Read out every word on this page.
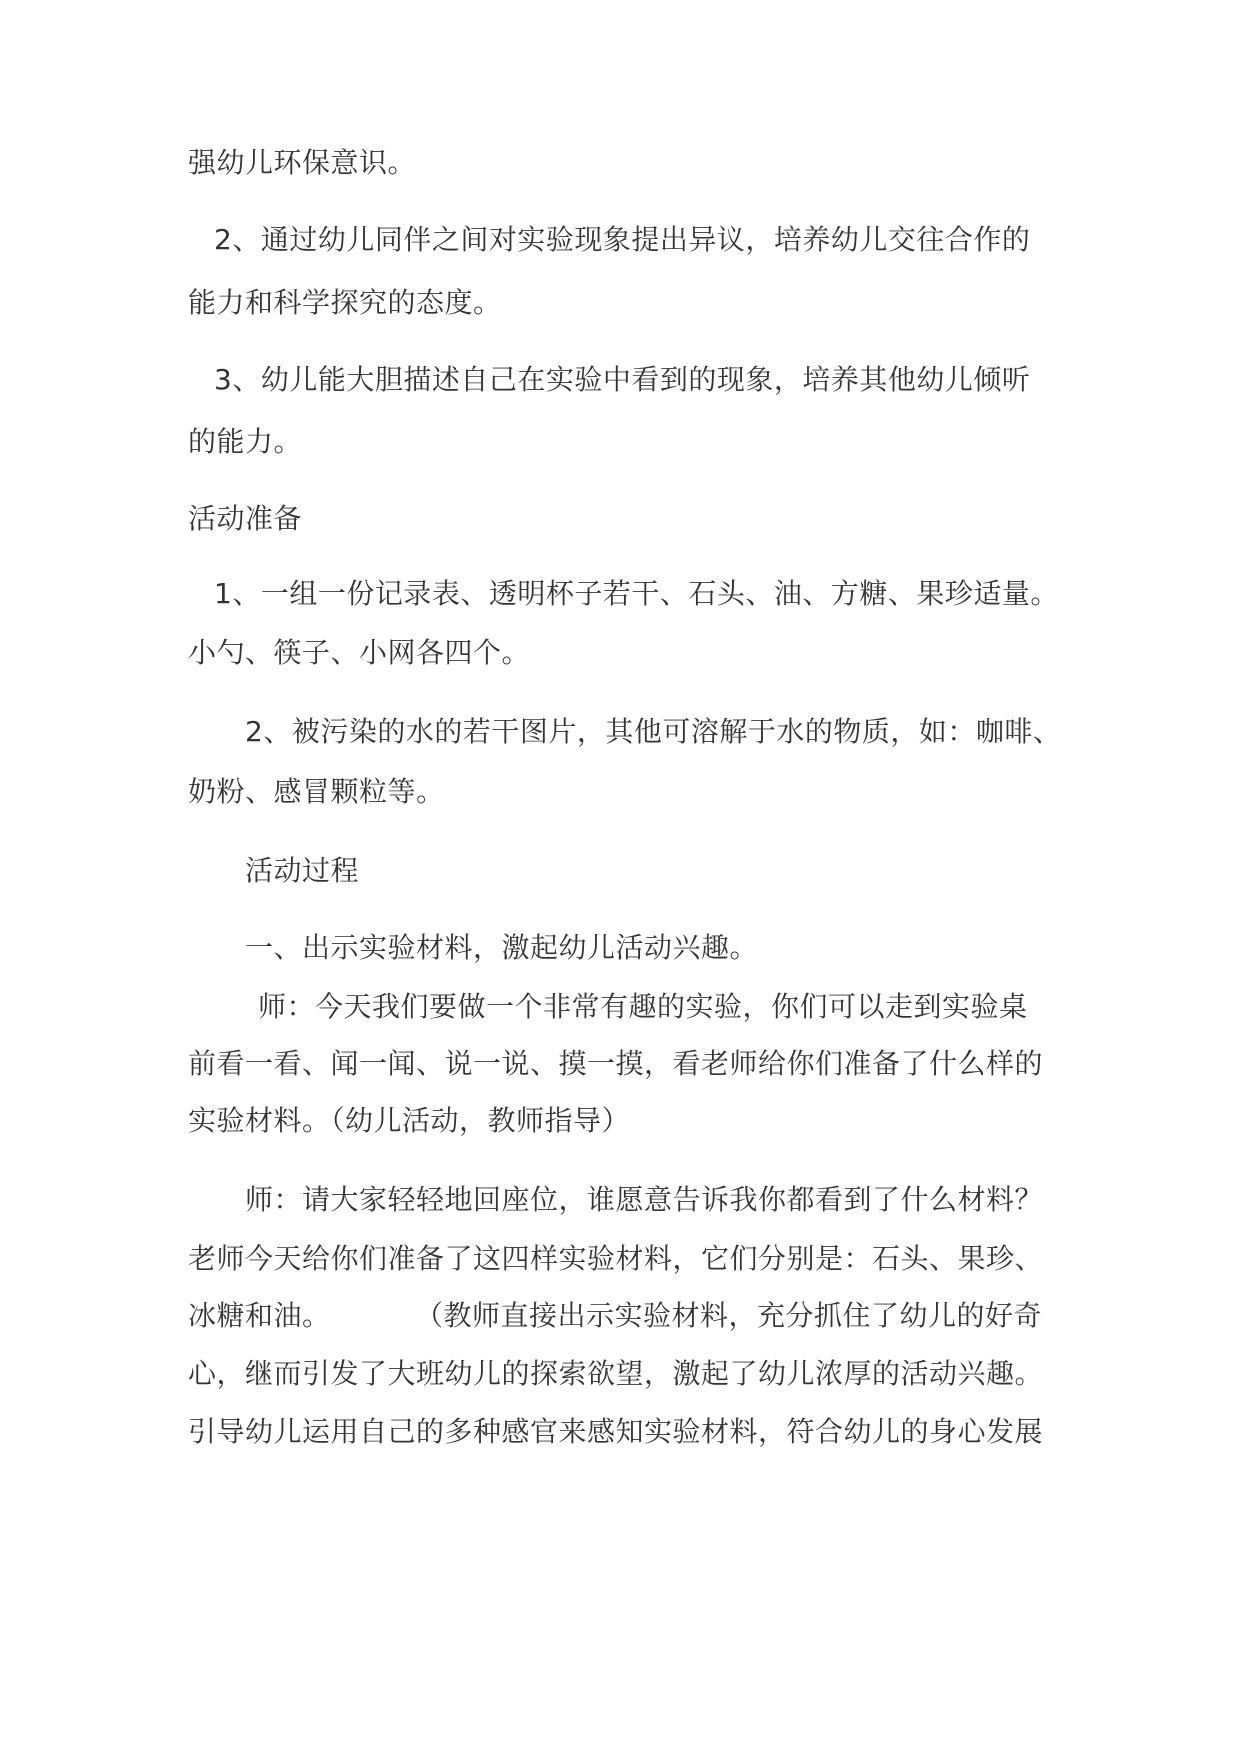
强幼儿环保意识。
2、通过幼儿同伴之间对实验现象提出异议，培养幼儿交往合作的
能力和科学探究的态度。
3、幼儿能大胆描述自己在实验中看到的现象，培养其他幼儿倾听
的能力。
活动准备
1、一组一份记录表、透明杯子若干、石头、油、方糖、果珍适量。
小勺、筷子、小网各四个。
2、被污染的水的若干图片，其他可溶解于水的物质，如：咖啡、
奶粉、感冒颗粒等。
活动过程
一、出示实验材料，激起幼儿活动兴趣。
师：今天我们要做一个非常有趣的实验，你们可以走到实验桌
前看一看、闻一闻、说一说、摸一摸，看老师给你们准备了什么样的
实验材料。（幼儿活动，教师指导）
师：请大家轻轻地回座位，谁愿意告诉我你都看到了什么材料？
老师今天给你们准备了这四样实验材料，它们分别是：石头、果珍、
冰糖和油。	（教师直接出示实验材料，充分抓住了幼儿的好奇
心，继而引发了大班幼儿的探索欲望，激起了幼儿浓厚的活动兴趣。
引导幼儿运用自己的多种感官来感知实验材料，符合幼儿的身心发展
